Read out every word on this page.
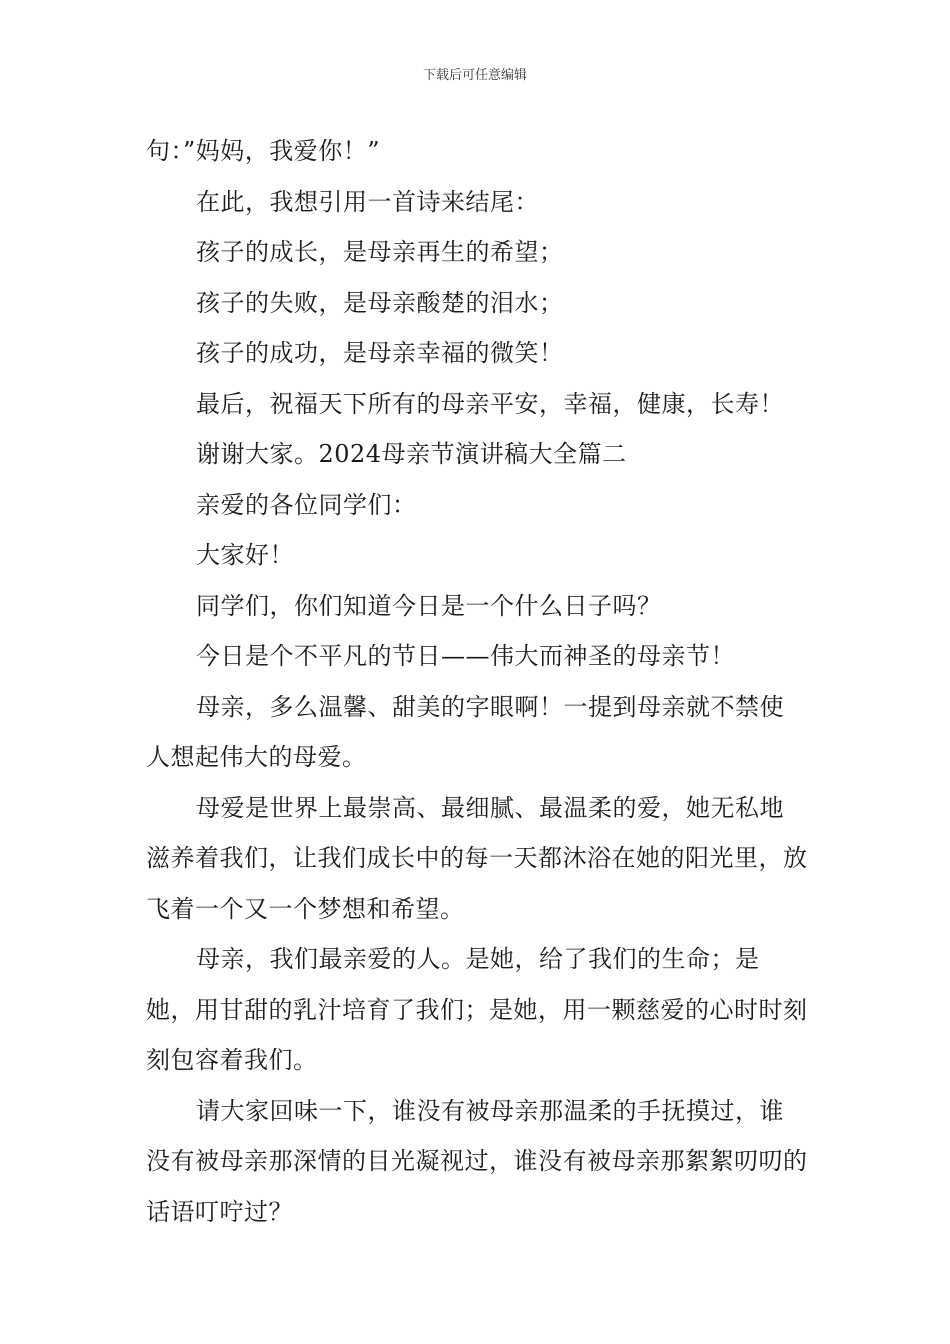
下载后可任意编辑

句：”妈妈，我爱你！”

在此，我想引用一首诗来结尾：

孩子的成长，是母亲再生的希望；

孩子的失败，是母亲酸楚的泪水；

孩子的成功，是母亲幸福的微笑！

最后，祝福天下所有的母亲平安，幸福，健康，长寿！

谢谢大家。2024母亲节演讲稿大全篇二

亲爱的各位同学们：

大家好！

同学们，你们知道今日是一个什么日子吗？

今日是个不平凡的节日——伟大而神圣的母亲节！

母亲，多么温馨、甜美的字眼啊！一提到母亲就不禁使人想起伟大的母爱。

母爱是世界上最崇高、最细腻、最温柔的爱，她无私地滋养着我们，让我们成长中的每一天都沐浴在她的阳光里，放飞着一个又一个梦想和希望。

母亲，我们最亲爱的人。是她，给了我们的生命；是她，用甘甜的乳汁培育了我们；是她，用一颗慈爱的心时时刻刻包容着我们。

请大家回味一下，谁没有被母亲那温柔的手抚摸过，谁没有被母亲那深情的目光凝视过，谁没有被母亲那絮絮叨叨的话语叮咛过？
